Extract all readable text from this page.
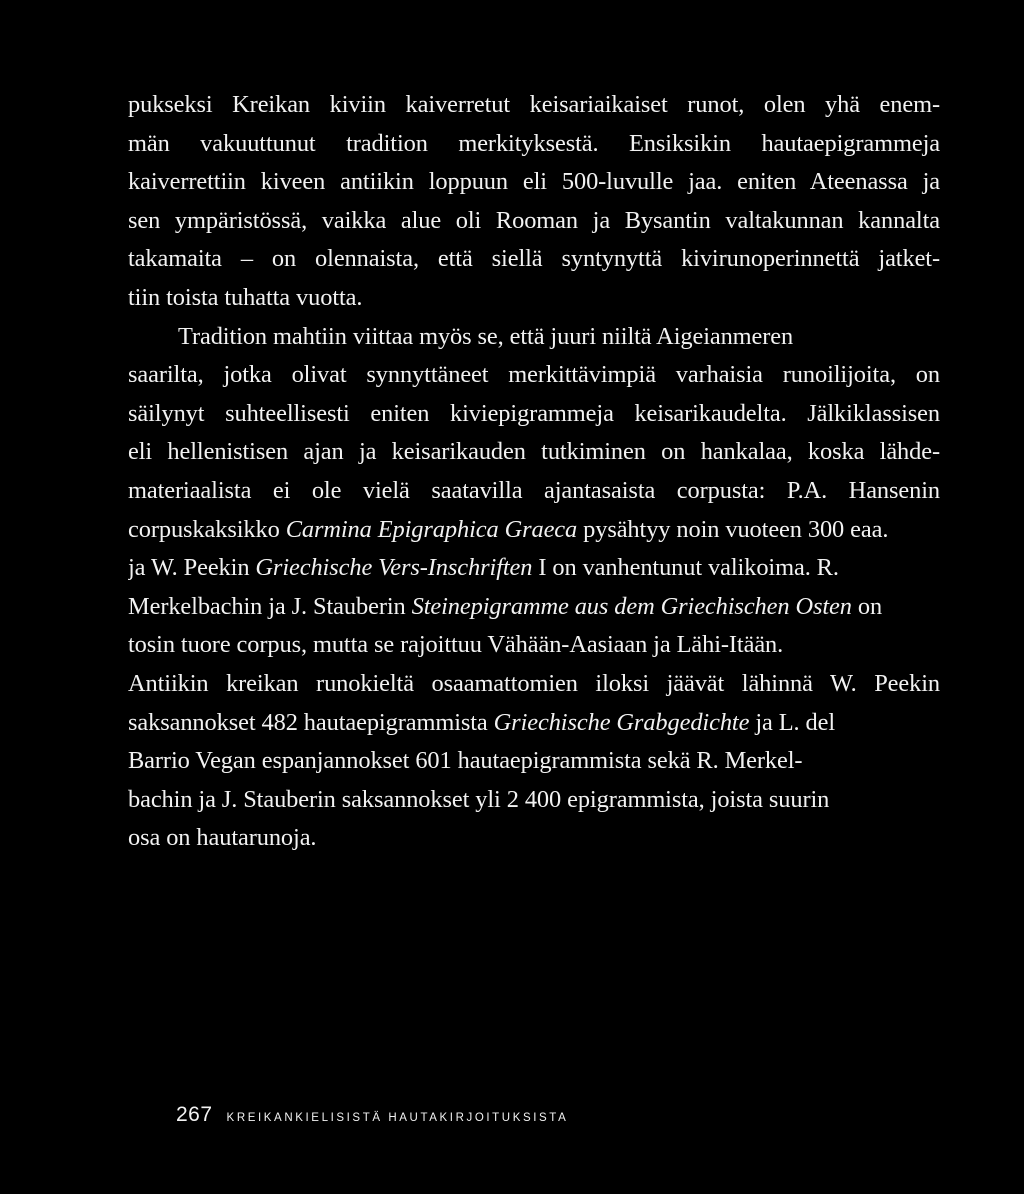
pukseksi Kreikan kiviin kaiverretut keisariaikaiset runot, olen yhä enem-
män vakuuttunut tradition merkityksestä. Ensiksikin hautaepigrammeja
kaiverrettiin kiveen antiikin loppuun eli 500-luvulle jaa. eniten Ateenassa ja
sen ympäristössä, vaikka alue oli Rooman ja Bysantin valtakunnan kannalta
takamaita – on olennaista, että siellä syntynyttä kivirunoperinnettä jatket-
tiin toista tuhatta vuotta.
Tradition mahtiin viittaa myös se, että juuri niiltä Aigeianmeren
saarilta, jotka olivat synnyttäneet merkittävimpiä varhaisia runoilijoita, on
säilynyt suhteellisesti eniten kiviepigrammeja keisarikaudelta. Jälkiklassisen
eli hellenistisen ajan ja keisarikauden tutkiminen on hankalaa, koska lähde-
materiaalista ei ole vielä saatavilla ajantasaista corpusta: P.A. Hansenin
corpuskaksikko Carmina Epigraphica Graeca pysähtyy noin vuoteen 300 eaa.
ja W. Peekin Griechische Vers-Inschriften I on vanhentunut valikoima. R.
Merkelbachin ja J. Stauberin Steinepigramme aus dem Griechischen Osten on
tosin tuore corpus, mutta se rajoittuu Vähään-Aasiaan ja Lähi-Itään.
Antiikin kreikan runokieltä osaamattomien iloksi jäävät lähinnä W. Peekin
saksannokset 482 hautaepigrammista Griechische Grabgedichte ja L. del
Barrio Vegan espanjannokset 601 hautaepigrammista sekä R. Merkel-
bachin ja J. Stauberin saksannokset yli 2 400 epigrammista, joista suurin
osa on hautarunoja.
267 KREIKANKIELISISTÄ HAUTAKIRJOITUKSISTA
